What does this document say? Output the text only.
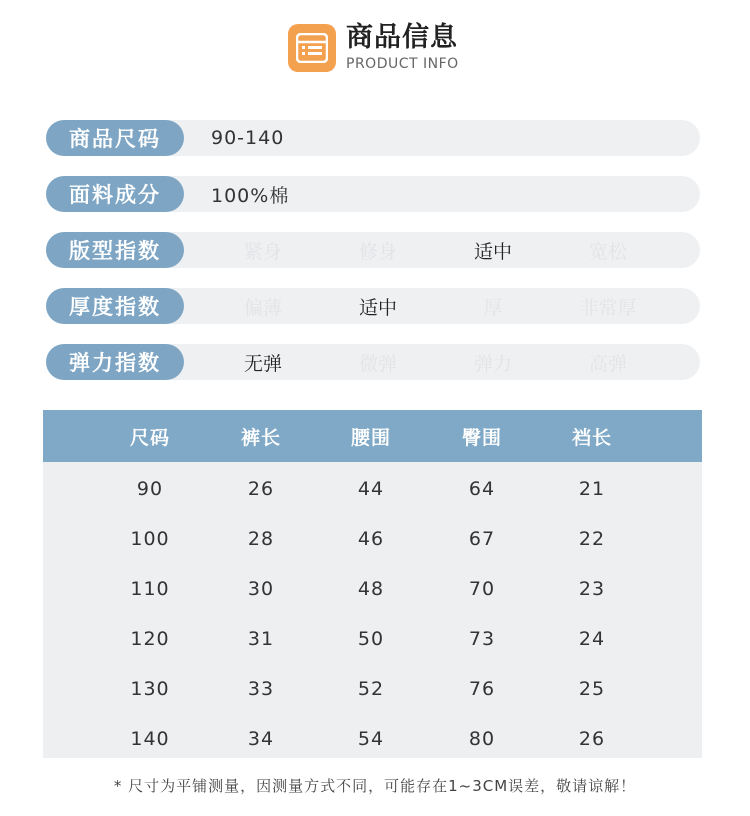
商品信息
PRODUCT INFO
商品尺码	90-140
面料成分	100%棉
版型指数	紧身	修身	适中	宽松
厚度指数	偏薄	适中	厚	非常厚
弹力指数	无弹	微弹	弹力	高弹
尺码	裤长	腰围	臀围	裆长
90	26	44	64	21
100	28	46	67	22
110	30	48	70	23
120	31	50	73	24
130	33	52	76	25
140	34	54	80	26
* 尺寸为平铺测量，因测量方式不同，可能存在1~3CM误差，敬请谅解！
